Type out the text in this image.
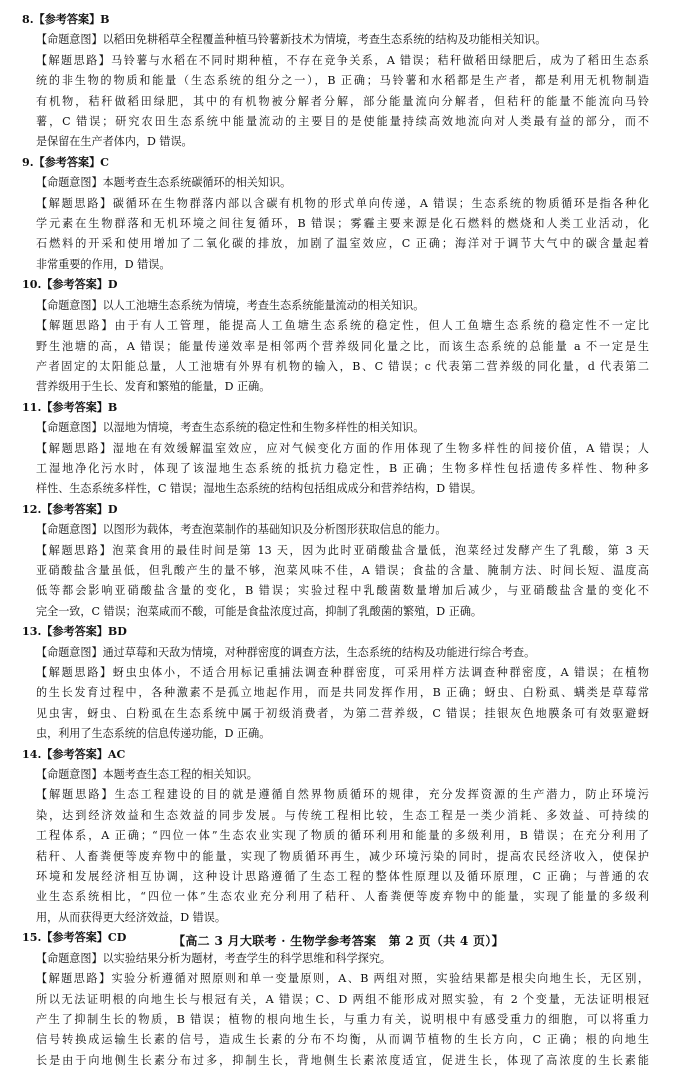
8.【参考答案】B
【命题意图】以稻田免耕稻草全程覆盖种植马铃薯新技术为情境，考查生态系统的结构及功能相关知识。
【解题思路】马铃薯与水稻在不同时期种植，不存在竞争关系，A 错误；秸秆做稻田绿肥后，成为了稻田生态系
统的非生物的物质和能量（生态系统的组分之一），B 正确；马铃薯和水稻都是生产者，都是利用无机物制造
有机物，秸秆做稻田绿肥，其中的有机物被分解者分解，部分能量流向分解者，但秸秆的能量不能流向马铃
薯，C 错误；研究农田生态系统中能量流动的主要目的是使能量持续高效地流向对人类最有益的部分，而不
是保留在生产者体内，D 错误。
9.【参考答案】C
【命题意图】本题考查生态系统碳循环的相关知识。
【解题思路】碳循环在生物群落内部以含碳有机物的形式单向传递，A 错误；生态系统的物质循环是指各种化
学元素在生物群落和无机环境之间往复循环，B 错误；雾霾主要来源是化石燃料的燃烧和人类工业活动，化
石燃料的开采和使用增加了二氧化碳的排放，加剧了温室效应，C 正确；海洋对于调节大气中的碳含量起着
非常重要的作用，D 错误。
10.【参考答案】D
【命题意图】以人工池塘生态系统为情境，考查生态系统能量流动的相关知识。
【解题思路】由于有人工管理，能提高人工鱼塘生态系统的稳定性，但人工鱼塘生态系统的稳定性不一定比
野生池塘的高，A 错误；能量传递效率是相邻两个营养级同化量之比，而该生态系统的总能量 a 不一定是生
产者固定的太阳能总量，人工池塘有外界有机物的输入，B、C 错误；c 代表第二营养级的同化量，d 代表第二
营养级用于生长、发育和繁殖的能量，D 正确。
11.【参考答案】B
【命题意图】以湿地为情境，考查生态系统的稳定性和生物多样性的相关知识。
【解题思路】湿地在有效缓解温室效应，应对气候变化方面的作用体现了生物多样性的间接价值，A 错误；人
工湿地净化污水时，体现了该湿地生态系统的抵抗力稳定性，B 正确；生物多样性包括遗传多样性、物种多
样性、生态系统多样性，C 错误；湿地生态系统的结构包括组成成分和营养结构，D 错误。
12.【参考答案】D
【命题意图】以图形为载体，考查泡菜制作的基础知识及分析图形获取信息的能力。
【解题思路】泡菜食用的最佳时间是第 13 天，因为此时亚硝酸盐含量低，泡菜经过发酵产生了乳酸，第 3 天
亚硝酸盐含量虽低，但乳酸产生的量不够，泡菜风味不佳，A 错误；食盐的含量、腌制方法、时间长短、温度高
低等都会影响亚硝酸盐含量的变化，B 错误；实验过程中乳酸菌数量增加后减少，与亚硝酸盐含量的变化不
完全一致，C 错误；泡菜咸而不酸，可能是食盐浓度过高，抑制了乳酸菌的繁殖，D 正确。
13.【参考答案】BD
【命题意图】通过草莓和天敌为情境，对种群密度的调查方法，生态系统的结构及功能进行综合考查。
【解题思路】蚜虫虫体小，不适合用标记重捕法调查种群密度，可采用样方法调查种群密度，A 错误；在植物
的生长发育过程中，各种激素不是孤立地起作用，而是共同发挥作用，B 正确；蚜虫、白粉虱、螨类是草莓常
见虫害，蚜虫、白粉虱在生态系统中属于初级消费者，为第二营养级，C 错误；挂银灰色地膜条可有效驱避蚜
虫，利用了生态系统的信息传递功能，D 正确。
14.【参考答案】AC
【命题意图】本题考查生态工程的相关知识。
【解题思路】生态工程建设的目的就是遵循自然界物质循环的规律，充分发挥资源的生产潜力，防止环境污
染，达到经济效益和生态效益的同步发展。与传统工程相比较，生态工程是一类少消耗、多效益、可持续的
工程体系，A 正确；“四位一体”生态农业实现了物质的循环利用和能量的多级利用，B 错误；在充分利用了
秸秆、人畜粪便等废弃物中的能量，实现了物质循环再生，减少环境污染的同时，提高农民经济收入，使保护
环境和发展经济相互协调，这种设计思路遵循了生态工程的整体性原理以及循环原理，C 正确；与普通的农
业生态系统相比，“四位一体”生态农业充分利用了秸秆、人畜粪便等废弃物中的能量，实现了能量的多级利
用，从而获得更大经济效益，D 错误。
15.【参考答案】CD
【命题意图】以实验结果分析为题材，考查学生的科学思维和科学探究。
【解题思路】实验分析遵循对照原则和单一变量原则，A、B 两组对照，实验结果都是根尖向地生长，无区别，
所以无法证明根的向地生长与根冠有关，A 错误；C、D 两组不能形成对照实验，有 2 个变量，无法证明根冠
产生了抑制生长的物质，B 错误；植物的根向地生长，与重力有关，说明根中有感受重力的细胞，可以将重力
信号转换成运输生长素的信号，造成生长素的分布不均衡，从而调节植物的生长方向，C 正确；根的向地生
长是由于向地侧生长素分布过多，抑制生长，背地侧生长素浓度适宜，促进生长，体现了高浓度的生长素能
【高二 3 月大联考 · 生物学参考答案　第 2 页（共 4 页）】
